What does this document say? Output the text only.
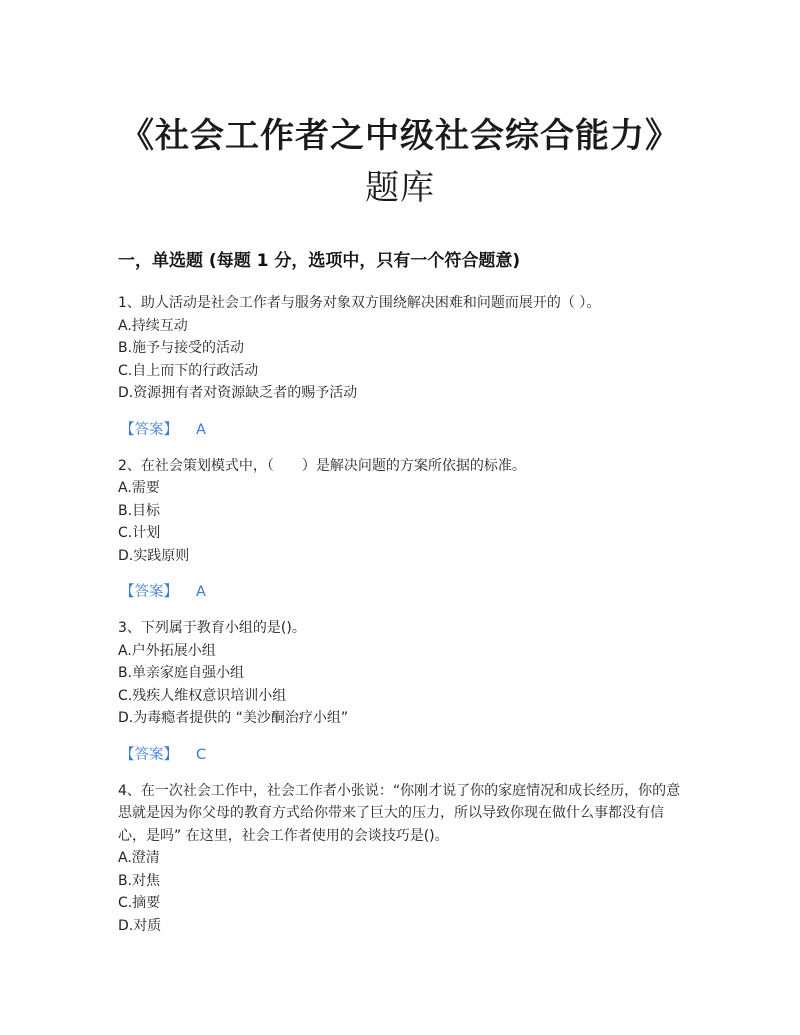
《社会工作者之中级社会综合能力》
题库
一，单选题 (每题 1 分，选项中，只有一个符合题意)
1、助人活动是社会工作者与服务对象双方围绕解决困难和问题而展开的（ ）。
A.持续互动
B.施予与接受的活动
C.自上而下的行政活动
D.资源拥有者对资源缺乏者的赐予活动
【答案】 A
2、在社会策划模式中，（　　）是解决问题的方案所依据的标准。
A.需要
B.目标
C.计划
D.实践原则
【答案】 A
3、下列属于教育小组的是()。
A.户外拓展小组
B.单亲家庭自强小组
C.残疾人维权意识培训小组
D.为毒瘾者提供的 “美沙酮治疗小组”
【答案】 C
4、在一次社会工作中，社会工作者小张说：“你刚才说了你的家庭情况和成长经历，你的意思就是因为你父母的教育方式给你带来了巨大的压力，所以导致你现在做什么事都没有信心，是吗” 在这里，社会工作者使用的会谈技巧是()。
A.澄清
B.对焦
C.摘要
D.对质
